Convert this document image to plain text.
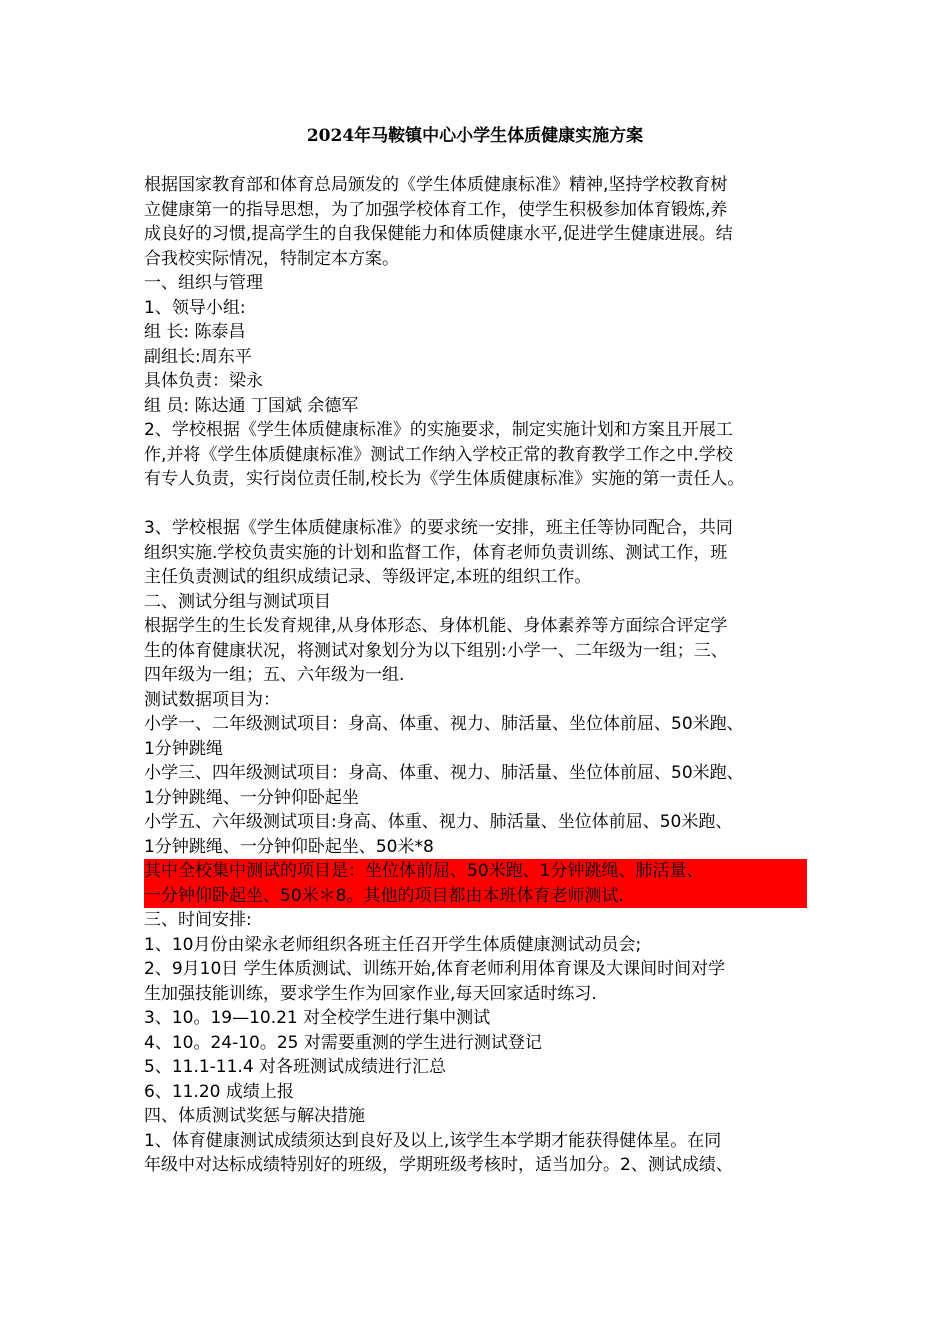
2024年马鞍镇中心小学生体质健康实施方案
根据国家教育部和体育总局颁发的《学生体质健康标准》精神,坚持学校教育树
立健康第一的指导思想，为了加强学校体育工作，使学生积极参加体育锻炼,养
成良好的习惯,提高学生的自我保健能力和体质健康水平,促进学生健康进展。结
合我校实际情况，特制定本方案。
一、组织与管理
1、领导小组:
组 长: 陈泰昌
副组长:周东平
具体负责：梁永
组 员: 陈达通 丁国斌 余德军
2、学校根据《学生体质健康标准》的实施要求，制定实施计划和方案且开展工
作,并将《学生体质健康标准》测试工作纳入学校正常的教育教学工作之中.学校
有专人负责，实行岗位责任制,校长为《学生体质健康标准》实施的第一责任人。
3、学校根据《学生体质健康标准》的要求统一安排，班主任等协同配合，共同
组织实施.学校负责实施的计划和监督工作，体育老师负责训练、测试工作，班
主任负责测试的组织成绩记录、等级评定,本班的组织工作。
二、测试分组与测试项目
根据学生的生长发育规律,从身体形态、身体机能、身体素养等方面综合评定学
生的体育健康状况，将测试对象划分为以下组别:小学一、二年级为一组；三、
四年级为一组；五、六年级为一组.
测试数据项目为：
小学一、二年级测试项目：身高、体重、视力、肺活量、坐位体前屈、50米跑、
1分钟跳绳
小学三、四年级测试项目：身高、体重、视力、肺活量、坐位体前屈、50米跑、
1分钟跳绳、一分钟仰卧起坐
小学五、六年级测试项目:身高、体重、视力、肺活量、坐位体前屈、50米跑、
1分钟跳绳、一分钟仰卧起坐、50米*8
其中全校集中测试的项目是：坐位体前屈、50米跑、1分钟跳绳、肺活量、
一分钟仰卧起坐、50米＊8。其他的项目都由本班体育老师测试.
三、时间安排:
1、10月份由梁永老师组织各班主任召开学生体质健康测试动员会;
2、9月10日 学生体质测试、训练开始,体育老师利用体育课及大课间时间对学
生加强技能训练，要求学生作为回家作业,每天回家适时练习.
3、10。19—10.21 对全校学生进行集中测试
4、10。24-10。25 对需要重测的学生进行测试登记
5、11.1-11.4 对各班测试成绩进行汇总
6、11.20 成绩上报
四、体质测试奖惩与解决措施
1、体育健康测试成绩须达到良好及以上,该学生本学期才能获得健体星。在同
年级中对达标成绩特别好的班级，学期班级考核时，适当加分。2、测试成绩、
